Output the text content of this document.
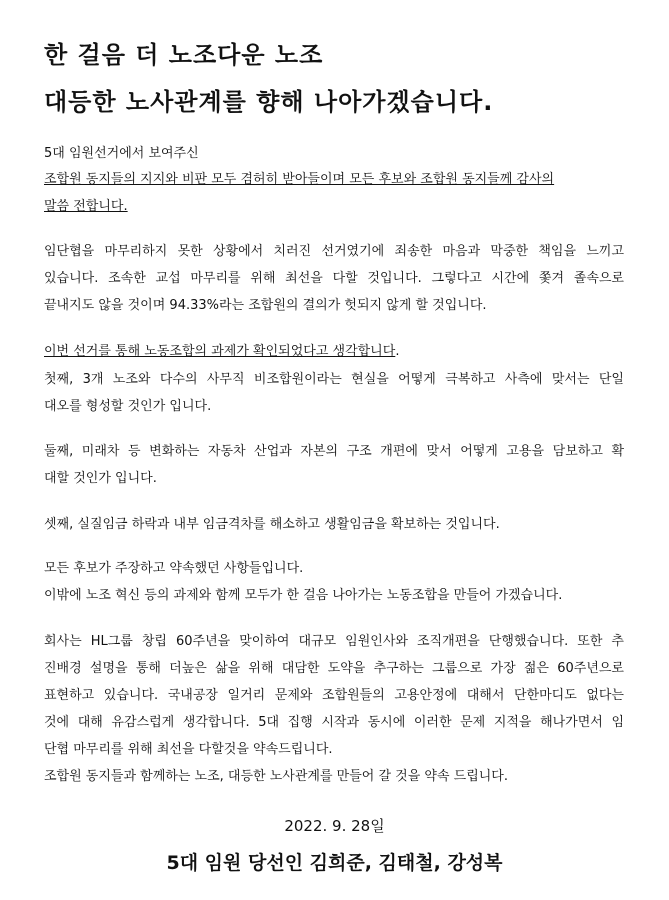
한 걸음 더 노조다운 노조
대등한 노사관계를 향해 나아가겠습니다.

5대 임원선거에서 보여주신

조합원 동지들의 지지와 비판 모두 겸허히 받아들이며 모든 후보와 조합원 동지들께 감사의

말씀 전합니다.

임단협을 마무리하지 못한 상황에서 치러진 선거였기에 죄송한 마음과 막중한 책임을 느끼고

있습니다. 조속한 교섭 마무리를 위해 최선을 다할 것입니다. 그렇다고 시간에 쫓겨 졸속으로

끝내지도 않을 것이며 94.33%라는 조합원의 결의가 헛되지 않게 할 것입니다.

이번 선거를 통해 노동조합의 과제가 확인되었다고 생각합니다.

첫째, 3개 노조와 다수의 사무직 비조합원이라는 현실을 어떻게 극복하고 사측에 맞서는 단일

대오를 형성할 것인가 입니다.

둘째, 미래차 등 변화하는 자동차 산업과 자본의 구조 개편에 맞서 어떻게 고용을 담보하고 확

대할 것인가 입니다.

셋째, 실질임금 하락과 내부 임금격차를 해소하고 생활임금을 확보하는 것입니다.

모든 후보가 주장하고 약속했던 사항들입니다.

이밖에 노조 혁신 등의 과제와 함께 모두가 한 걸음 나아가는 노동조합을 만들어 가겠습니다.

회사는 HL그룹 창립 60주년을 맞이하여 대규모 임원인사와 조직개편을 단행했습니다. 또한 추

진배경 설명을 통해 더높은 삶을 위해 대담한 도약을 추구하는 그룹으로 가장 젊은 60주년으로

표현하고 있습니다. 국내공장 일거리 문제와 조합원들의 고용안정에 대해서 단한마디도 없다는

것에 대해 유감스럽게 생각합니다. 5대 집행 시작과 동시에 이러한 문제 지적을 해나가면서 임

단협 마무리를 위해 최선을 다할것을 약속드립니다.

조합원 동지들과 함께하는 노조, 대등한 노사관계를 만들어 갈 것을 약속 드립니다.

2022. 9. 28일
5대 임원 당선인 김희준, 김태철, 강성복
